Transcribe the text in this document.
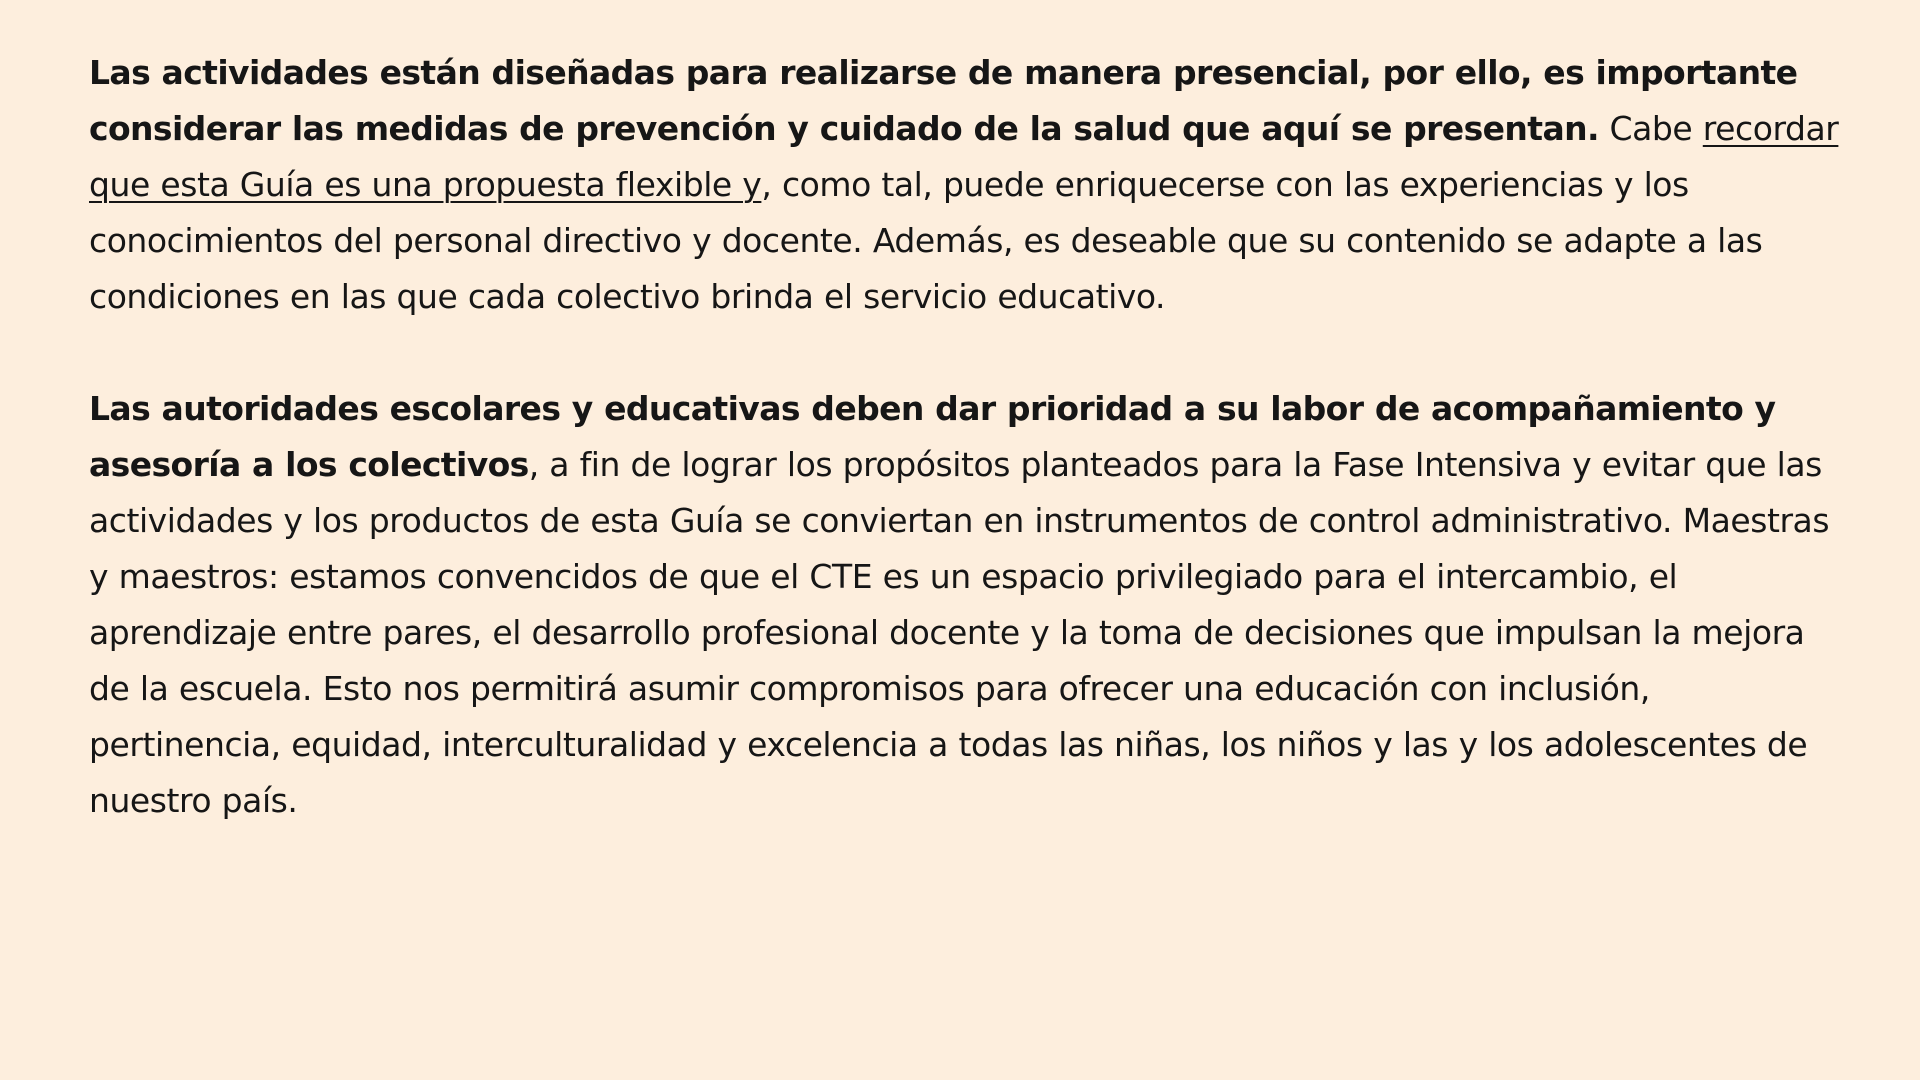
Las actividades están diseñadas para realizarse de manera presencial, por ello, es importante considerar las medidas de prevención y cuidado de la salud que aquí se presentan. Cabe recordar que esta Guía es una propuesta flexible y, como tal, puede enriquecerse con las experiencias y los conocimientos del personal directivo y docente. Además, es deseable que su contenido se adapte a las condiciones en las que cada colectivo brinda el servicio educativo.

Las autoridades escolares y educativas deben dar prioridad a su labor de acompañamiento y asesoría a los colectivos, a fin de lograr los propósitos planteados para la Fase Intensiva y evitar que las actividades y los productos de esta Guía se conviertan en instrumentos de control administrativo. Maestras y maestros: estamos convencidos de que el CTE es un espacio privilegiado para el intercambio, el aprendizaje entre pares, el desarrollo profesional docente y la toma de decisiones que impulsan la mejora de la escuela. Esto nos permitirá asumir compromisos para ofrecer una educación con inclusión, pertinencia, equidad, interculturalidad y excelencia a todas las niñas, los niños y las y los adolescentes de nuestro país.
